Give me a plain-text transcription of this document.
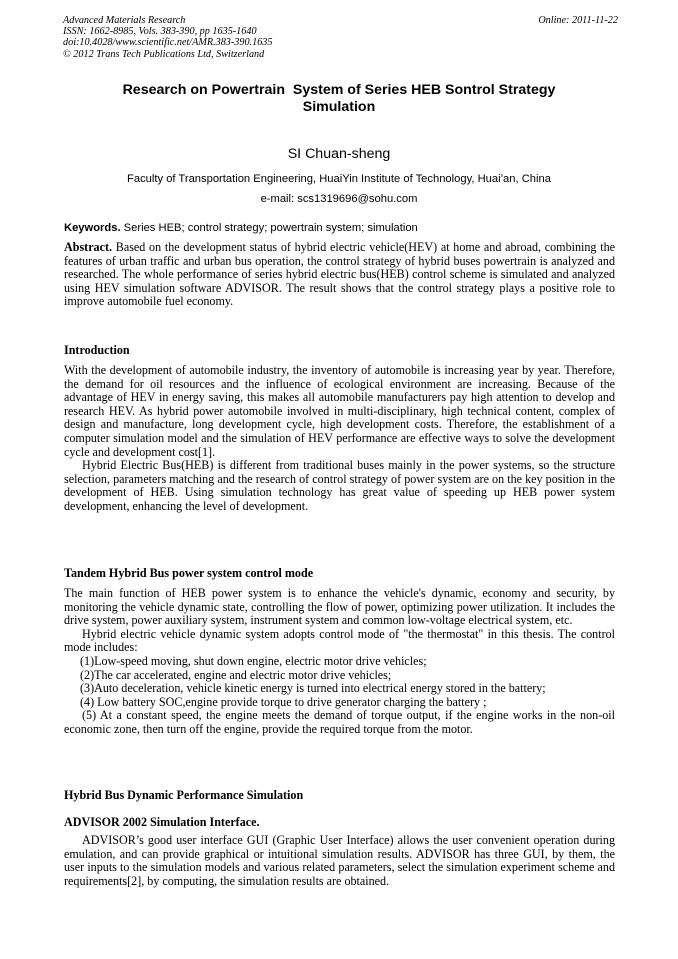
Advanced Materials Research
ISSN: 1662-8985, Vols. 383-390, pp 1635-1640
doi:10.4028/www.scientific.net/AMR.383-390.1635
© 2012 Trans Tech Publications Ltd, Switzerland
Online: 2011-11-22
Research on Powertrain  System of Series HEB Sontrol Strategy
Simulation
SI Chuan-sheng
Faculty of Transportation Engineering, HuaiYin Institute of Technology, Huai’an, China
e-mail: scs1319696@sohu.com
Keywords. Series HEB; control strategy; powertrain system; simulation

Abstract. Based on the development status of hybrid electric vehicle(HEV) at home and abroad, combining the features of urban traffic and urban bus operation, the control strategy of hybrid buses powertrain is analyzed and researched. The whole performance of series hybrid electric bus(HEB) control scheme is simulated and analyzed using HEV simulation software ADVISOR. The result shows that the control strategy plays a positive role to improve automobile fuel economy.

Introduction

With the development of automobile industry, the inventory of automobile is increasing year by year. Therefore, the demand for oil resources and the influence of ecological environment are increasing. Because of the advantage of HEV in energy saving, this makes all automobile manufacturers pay high attention to develop and research HEV. As hybrid power automobile involved in multi-disciplinary, high technical content, complex of design and manufacture, long development cycle, high development costs. Therefore, the establishment of a computer simulation model and the simulation of HEV performance are effective ways to solve the development cycle and development cost[1].

Hybrid Electric Bus(HEB) is different from traditional buses mainly in the power systems, so the structure selection, parameters matching and the research of control strategy of power system are on the key position in the development of HEB. Using simulation technology has great value of speeding up HEB power system development, enhancing the level of development.

Tandem Hybrid Bus power system control mode

The main function of HEB power system is to enhance the vehicle's dynamic, economy and security, by monitoring the vehicle dynamic state, controlling the flow of power, optimizing power utilization. It includes the drive system, power auxiliary system, instrument system and common low-voltage electrical system, etc.

Hybrid electric vehicle dynamic system adopts control mode of "the thermostat" in this thesis. The control mode includes:

(1)Low-speed moving, shut down engine, electric motor drive vehicles;
(2)The car accelerated, engine and electric motor drive vehicles;
(3)Auto deceleration, vehicle kinetic energy is turned into electrical energy stored in the battery;
(4) Low battery SOC,engine provide torque to drive generator charging the battery ;

(5) At a constant speed, the engine meets the demand of torque output, if the engine works in the non-oil economic zone, then turn off the engine, provide the required torque from the motor.

Hybrid Bus Dynamic Performance Simulation
ADVISOR 2002 Simulation Interface.

ADVISOR’s good user interface GUI (Graphic User Interface) allows the user convenient operation during emulation, and can provide graphical or intuitional simulation results. ADVISOR has three GUI, by them, the user inputs to the simulation models and various related parameters, select the simulation experiment scheme and requirements[2], by computing, the simulation results are obtained.
